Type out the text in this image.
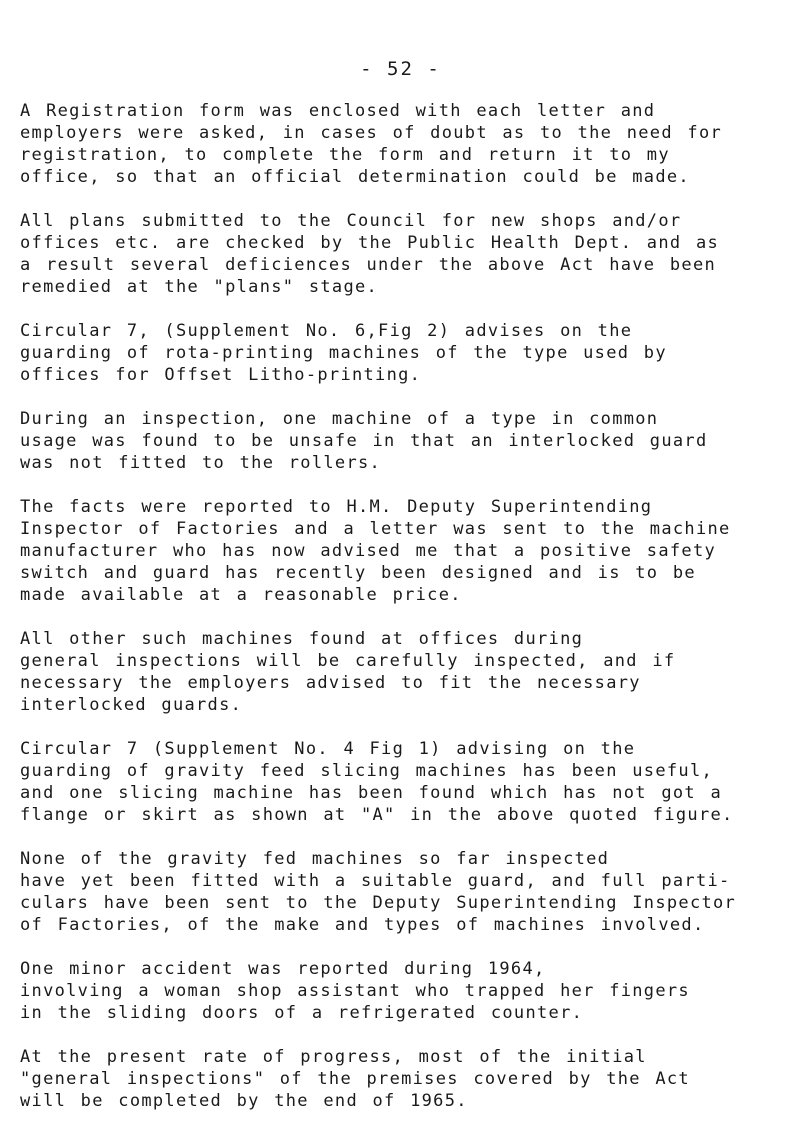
- 52 -

A Registration form was enclosed with each letter and
employers were asked, in cases of doubt as to the need for
registration, to complete the form and return it to my
office, so that an official determination could be made.

All plans submitted to the Council for new shops and/or
offices etc. are checked by the Public Health Dept. and as
a result several deficiences under the above Act have been
remedied at the "plans" stage.

Circular 7, (Supplement No. 6,Fig 2) advises on the
guarding of rota-printing machines of the type used by
offices for Offset Litho-printing.

During an inspection, one machine of a type in common
usage was found to be unsafe in that an interlocked guard
was not fitted to the rollers.

The facts were reported to H.M. Deputy Superintending
Inspector of Factories and a letter was sent to the machine
manufacturer who has now advised me that a positive safety
switch and guard has recently been designed and is to be
made available at a reasonable price.

All other such machines found at offices during
general inspections will be carefully inspected, and if
necessary the employers advised to fit the necessary
interlocked guards.

Circular 7 (Supplement No. 4 Fig 1) advising on the
guarding of gravity feed slicing machines has been useful,
and one slicing machine has been found which has not got a
flange or skirt as shown at "A" in the above quoted figure.

None of the gravity fed machines so far inspected
have yet been fitted with a suitable guard, and full parti-
culars have been sent to the Deputy Superintending Inspector
of Factories, of the make and types of machines involved.

One minor accident was reported during 1964,
involving a woman shop assistant who trapped her fingers
in the sliding doors of a refrigerated counter.

At the present rate of progress, most of the initial
"general inspections" of the premises covered by the Act
will be completed by the end of 1965.
